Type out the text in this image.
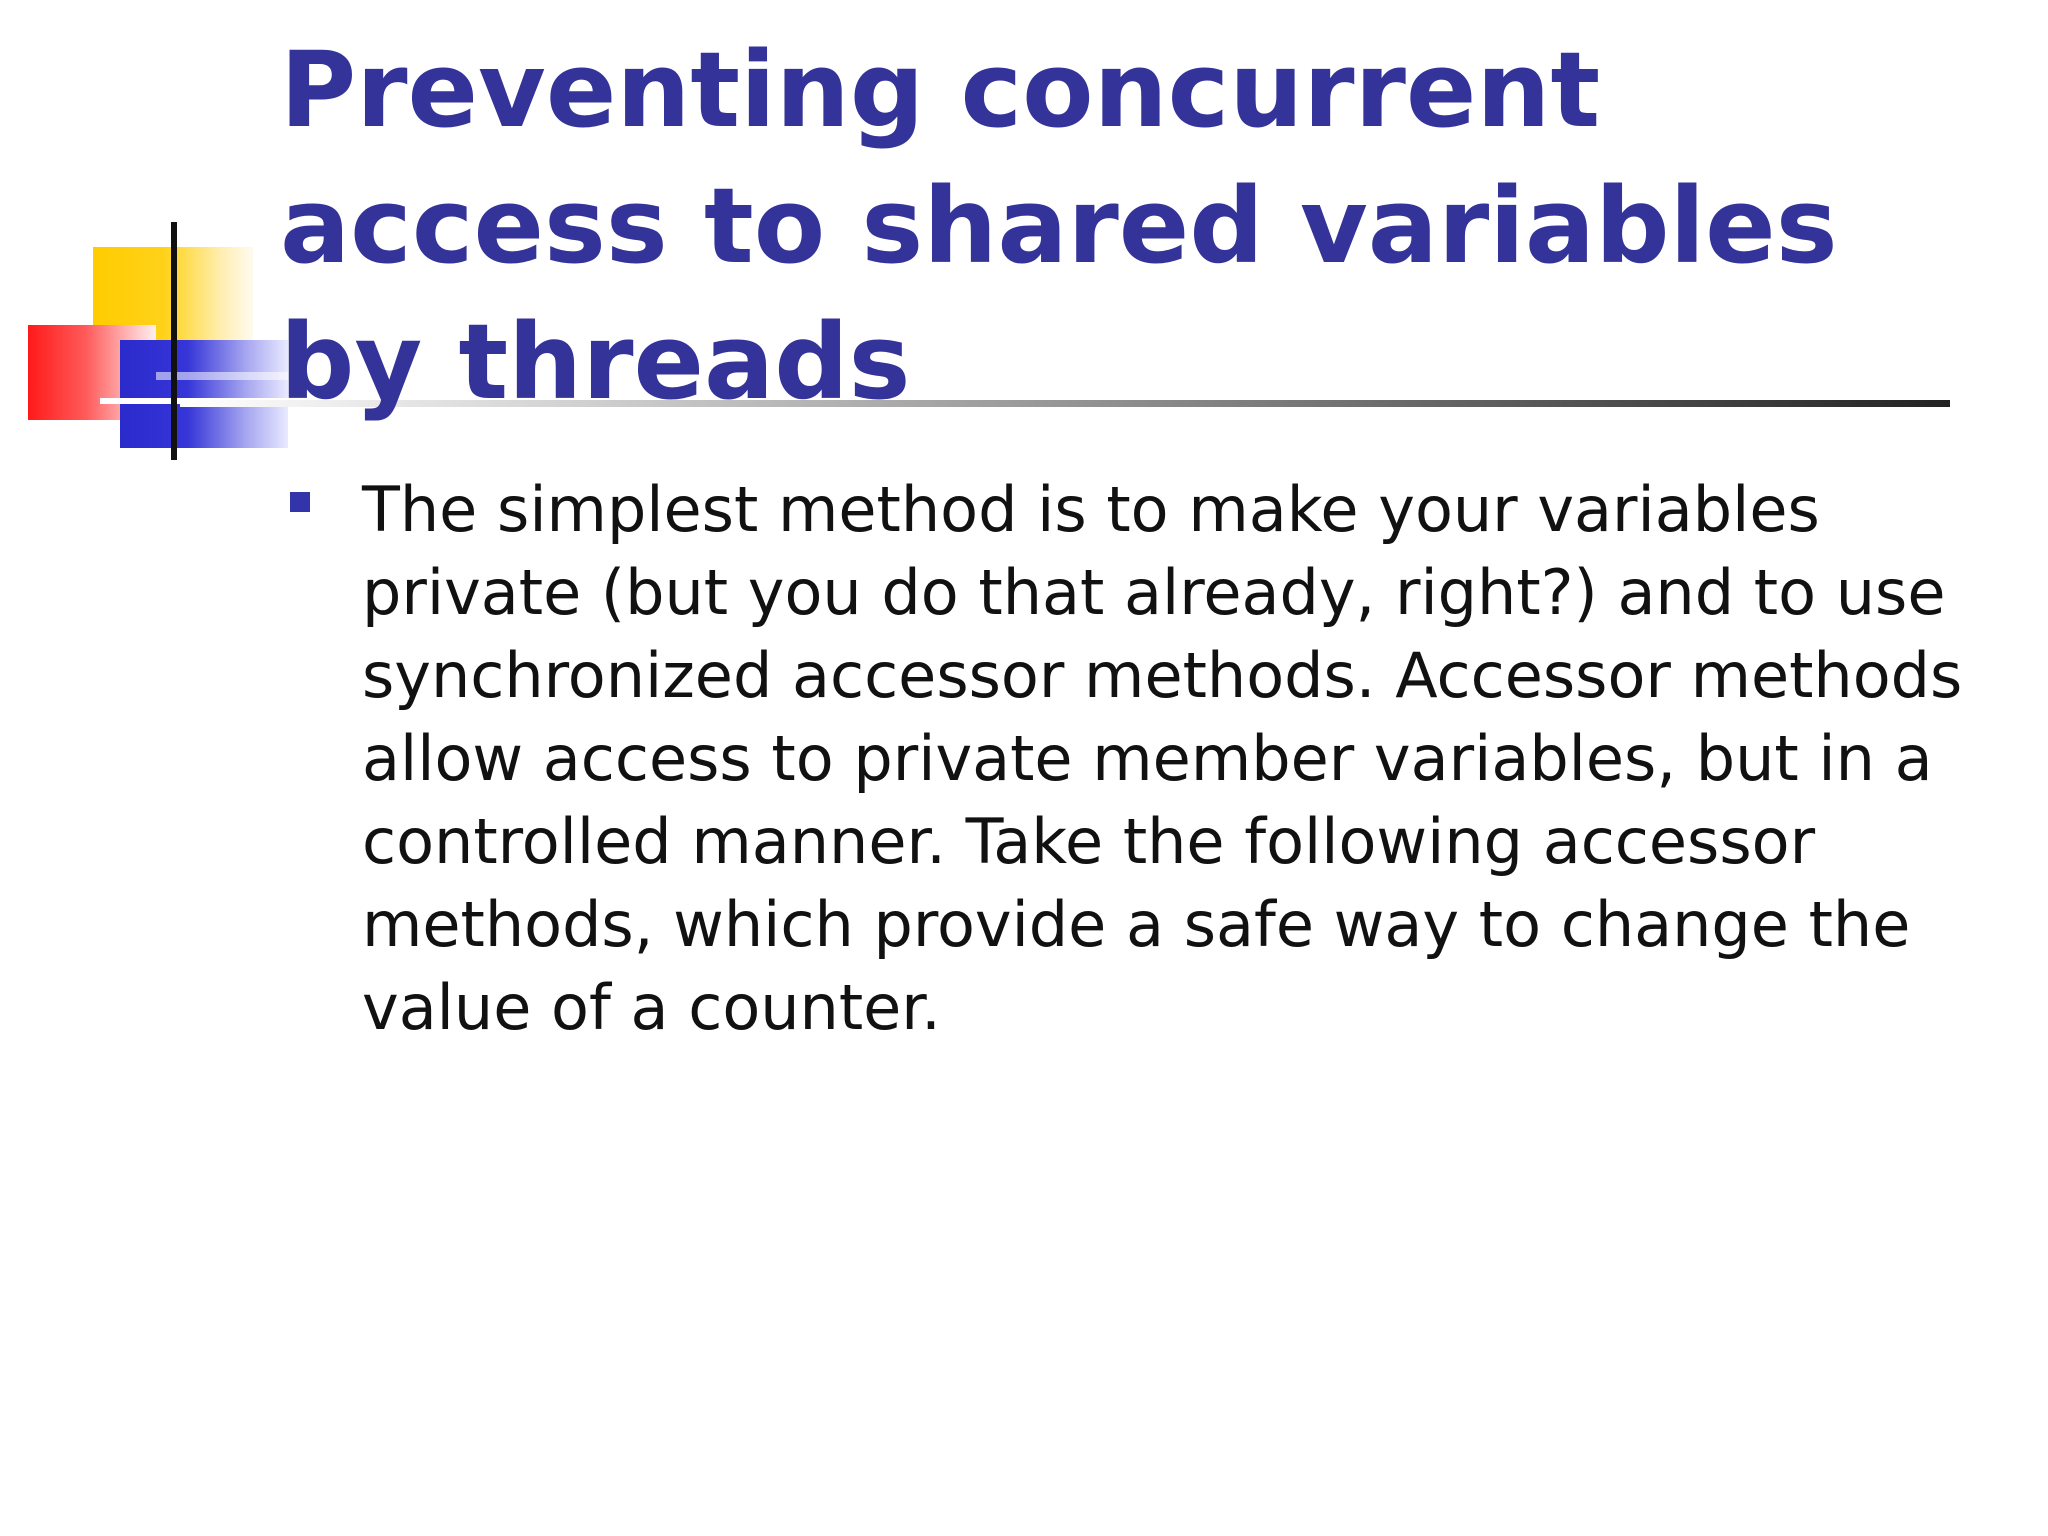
Preventing concurrent access to shared variables by threads

The simplest method is to make your variables private (but you do that already, right?) and to use synchronized accessor methods. Accessor methods allow access to private member variables, but in a controlled manner. Take the following accessor methods, which provide a safe way to change the value of a counter.
